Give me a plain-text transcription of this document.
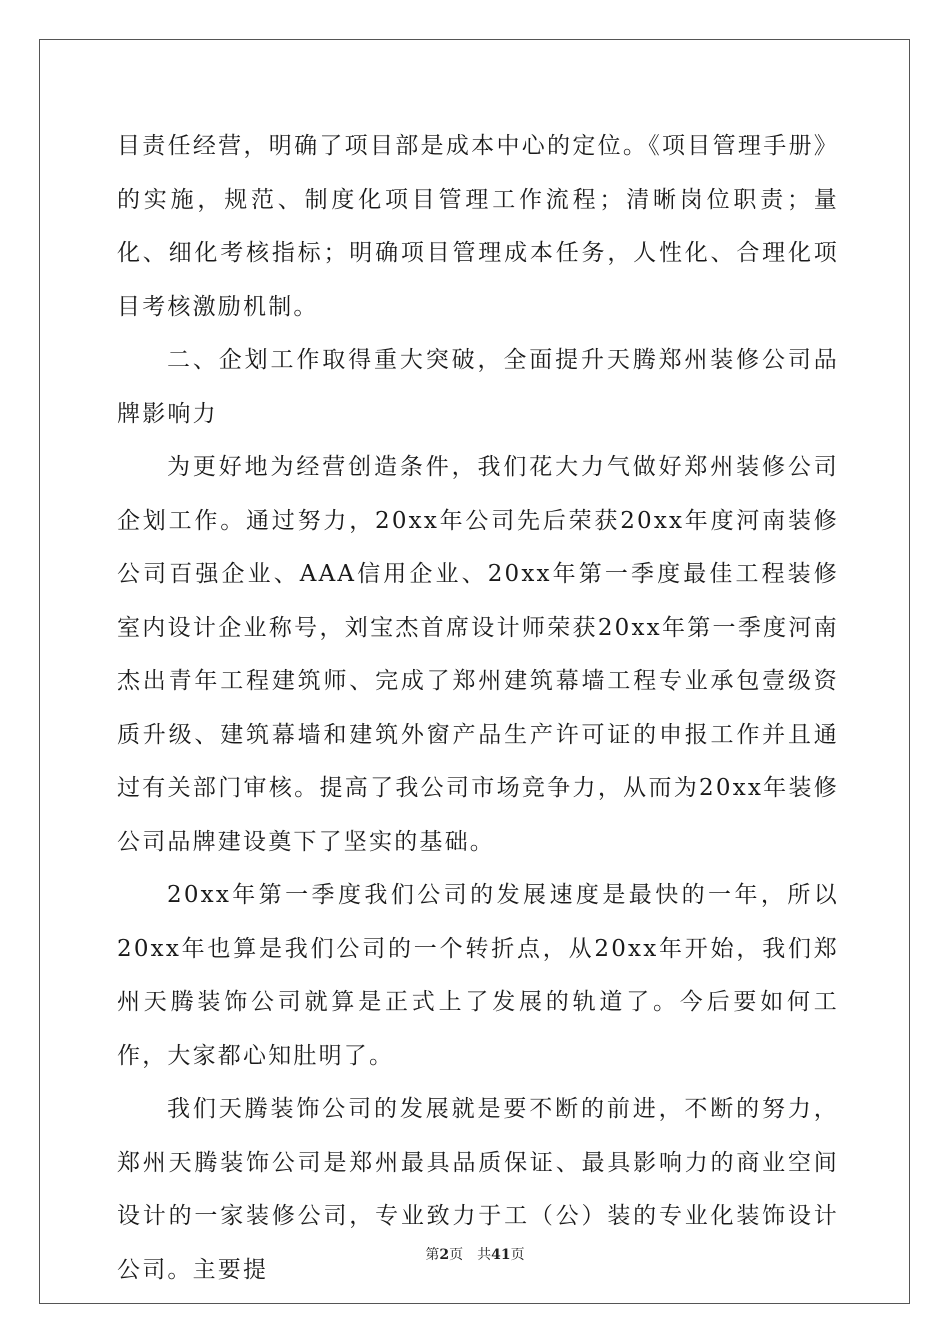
目责任经营，明确了项目部是成本中心的定位。《项目管理手册》的实施，规范、制度化项目管理工作流程；清晰岗位职责；量化、细化考核指标；明确项目管理成本任务，人性化、合理化项目考核激励机制。

二、企划工作取得重大突破，全面提升天腾郑州装修公司品牌影响力

为更好地为经营创造条件，我们花大力气做好郑州装修公司企划工作。通过努力，20xx年公司先后荣获20xx年度河南装修公司百强企业、AAA信用企业、20xx年第一季度最佳工程装修室内设计企业称号，刘宝杰首席设计师荣获20xx年第一季度河南杰出青年工程建筑师、完成了郑州建筑幕墙工程专业承包壹级资质升级、建筑幕墙和建筑外窗产品生产许可证的申报工作并且通过有关部门审核。提高了我公司市场竞争力，从而为20xx年装修公司品牌建设奠下了坚实的基础。

20xx年第一季度我们公司的发展速度是最快的一年，所以20xx年也算是我们公司的一个转折点，从20xx年开始，我们郑州天腾装饰公司就算是正式上了发展的轨道了。今后要如何工作，大家都心知肚明了。

我们天腾装饰公司的发展就是要不断的前进，不断的努力，郑州天腾装饰公司是郑州最具品质保证、最具影响力的商业空间设计的一家装修公司，专业致力于工（公）装的专业化装饰设计公司。主要提

第2页 共41页
